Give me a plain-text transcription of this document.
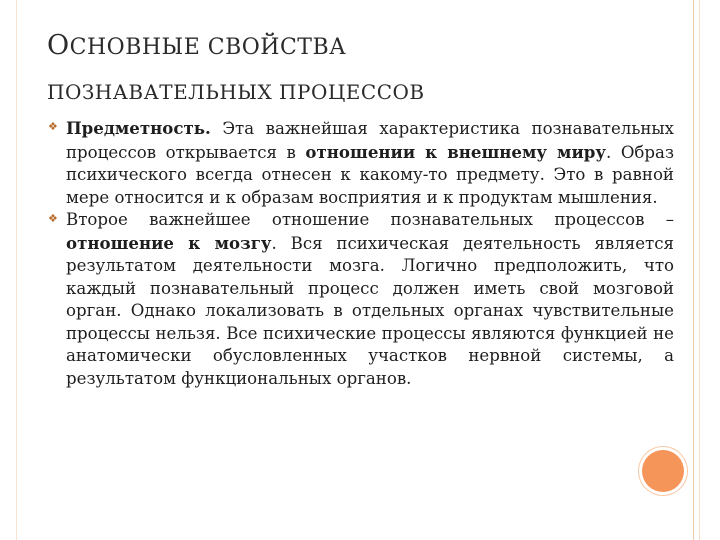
ОСНОВНЫЕ СВОЙСТВА
ПОЗНАВАТЕЛЬНЫХ ПРОЦЕССОВ
❖ Предметность. Эта важнейшая характеристика познавательных процессов открывается в отношении к внешнему миру. Образ психического всегда отнесен к какому-то предмету. Это в равной мере относится и к образам восприятия и к продуктам мышления.
❖ Второе важнейшее отношение познавательных процессов – отношение к мозгу. Вся психическая деятельность является результатом деятельности мозга. Логично предположить, что каждый познавательный процесс должен иметь свой мозговой орган. Однако локализовать в отдельных органах чувствительные процессы нельзя. Все психические процессы являются функцией не анатомически обусловленных участков нервной системы, а результатом функциональных органов.
